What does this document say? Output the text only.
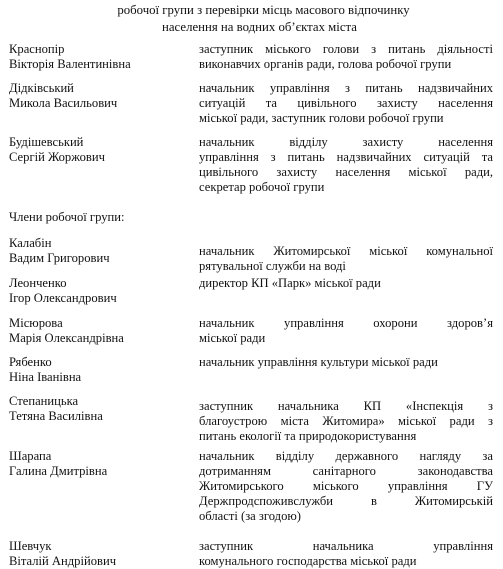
робочої групи з перевірки місць масового відпочинку
населення на водних об’єктах міста
Краснопір
Вікторія Валентинівна
заступник міського голови з питань діяльності
виконавчих органів ради, голова робочої групи
Дідківський
Микола Васильович
начальник управління з питань надзвичайних
ситуацій та цивільного захисту населення
міської ради, заступник голови робочої групи
Будішевський
Сергій Жоржович
начальник відділу захисту населення
управління з питань надзвичайних ситуацій та
цивільного захисту населення міської ради,
секретар робочої групи
Члени робочої групи:
Калабін
Вадим Григорович	начальник Житомирської міської комунальної
рятувальної служби на воді
Леонченко
Ігор Олександрович
директор КП «Парк» міської ради
Місюрова
Марія Олександрівна
начальник управління охорони здоров’я
міської ради
Рябенко
Ніна Іванівна
начальник управління культури міської ради
Степаницька
Тетяна Василівна
заступник начальника КП «Інспекція з
благоустрою міста Житомира» міської ради з
питань екології та природокористування
Шарапа
Галина Дмитрівна
начальник відділу державного нагляду за
дотриманням санітарного законодавства
Житомирського міського управління ГУ
Держпродспоживслужби в Житомирській
області (за згодою)
Шевчук
Віталій Андрійович
заступник начальника управління
комунального господарства міської ради
